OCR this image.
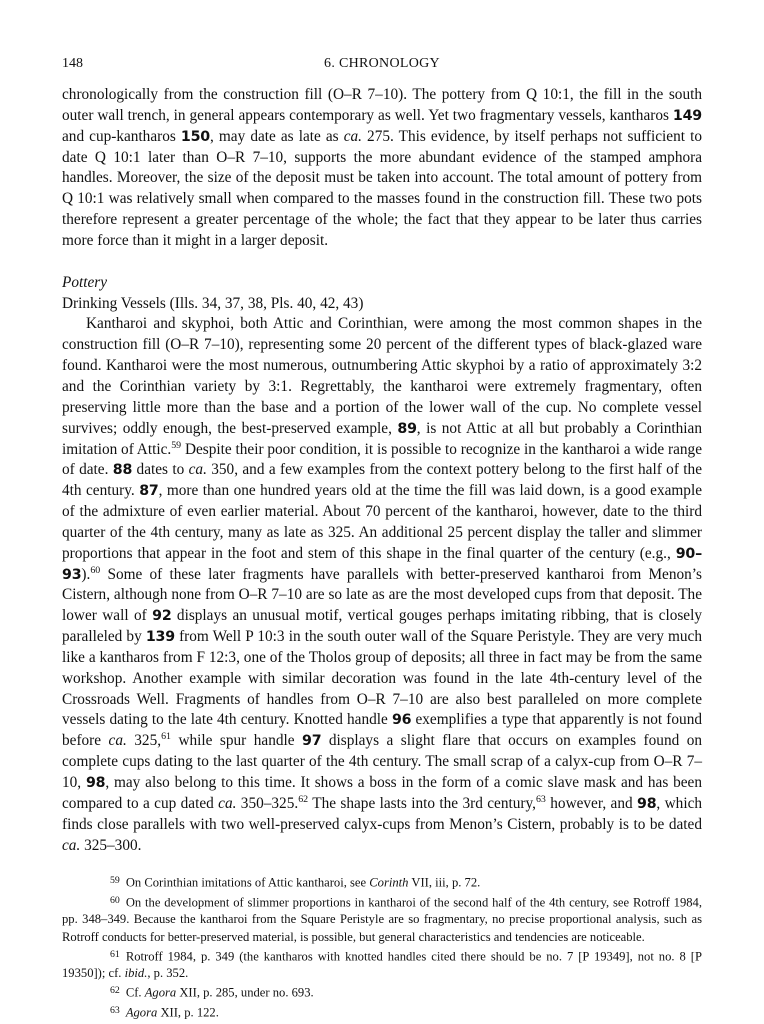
148	6. CHRONOLOGY

chronologically from the construction fill (O–R 7–10). The pottery from Q 10:1, the fill in the south outer wall trench, in general appears contemporary as well. Yet two fragmentary vessels, kantharos 149 and cup-kantharos 150, may date as late as ca. 275. This evidence, by itself perhaps not sufficient to date Q 10:1 later than O–R 7–10, supports the more abundant evidence of the stamped amphora handles. Moreover, the size of the deposit must be taken into account. The total amount of pottery from Q 10:1 was relatively small when compared to the masses found in the construction fill. These two pots therefore represent a greater percentage of the whole; the fact that they appear to be later thus carries more force than it might in a larger deposit.

Pottery

Drinking Vessels (Ills. 34, 37, 38, Pls. 40, 42, 43)

Kantharoi and skyphoi, both Attic and Corinthian, were among the most common shapes in the construction fill (O–R 7–10), representing some 20 percent of the different types of black-glazed ware found. Kantharoi were the most numerous, outnumbering Attic skyphoi by a ratio of approximately 3:2 and the Corinthian variety by 3:1. Regrettably, the kantharoi were extremely fragmentary, often preserving little more than the base and a portion of the lower wall of the cup. No complete vessel survives; oddly enough, the best-preserved example, 89, is not Attic at all but probably a Corinthian imitation of Attic.$^{59}$ Despite their poor condition, it is possible to recognize in the kantharoi a wide range of date. 88 dates to ca. 350, and a few examples from the context pottery belong to the first half of the 4th century. 87, more than one hundred years old at the time the fill was laid down, is a good example of the admixture of even earlier material. About 70 percent of the kantharoi, however, date to the third quarter of the 4th century, many as late as 325. An additional 25 percent display the taller and slimmer proportions that appear in the foot and stem of this shape in the final quarter of the century (e.g., 90–93).$^{60}$ Some of these later fragments have parallels with better-preserved kantharoi from Menon’s Cistern, although none from O–R 7–10 are so late as are the most developed cups from that deposit. The lower wall of 92 displays an unusual motif, vertical gouges perhaps imitating ribbing, that is closely paralleled by 139 from Well P 10:3 in the south outer wall of the Square Peristyle. They are very much like a kantharos from F 12:3, one of the Tholos group of deposits; all three in fact may be from the same workshop. Another example with similar decoration was found in the late 4th-century level of the Crossroads Well. Fragments of handles from O–R 7–10 are also best paralleled on more complete vessels dating to the late 4th century. Knotted handle 96 exemplifies a type that apparently is not found before ca. 325,61 while spur handle 97 displays a slight flare that occurs on examples found on complete cups dating to the last quarter of the 4th century. The small scrap of a calyx-cup from O–R 7–10, 98, may also belong to this time. It shows a boss in the form of a comic slave mask and has been compared to a cup dated ca. 350–325.62 The shape lasts into the 3rd century,$^{63}$ however, and 98, which finds close parallels with two well-preserved calyx-cups from Menon’s Cistern, probably is to be dated ca. 325–300.

59 On Corinthian imitations of Attic kantharoi, see Corinth VII, iii, p. 72.

60 On the development of slimmer proportions in kantharoi of the second half of the 4th century, see Rotroff 1984, pp. 348–349. Because the kantharoi from the Square Peristyle are so fragmentary, no precise proportional analysis, such as Rotroff conducts for better-preserved material, is possible, but general characteristics and tendencies are noticeable.

61 Rotroff 1984, p. 349 (the kantharos with knotted handles cited there should be no. 7 [P 19349], not no. 8 [P 19350]); cf. ibid., p. 352.

62 Cf. Agora XII, p. 285, under no. 693.

63 Agora XII, p. 122.
